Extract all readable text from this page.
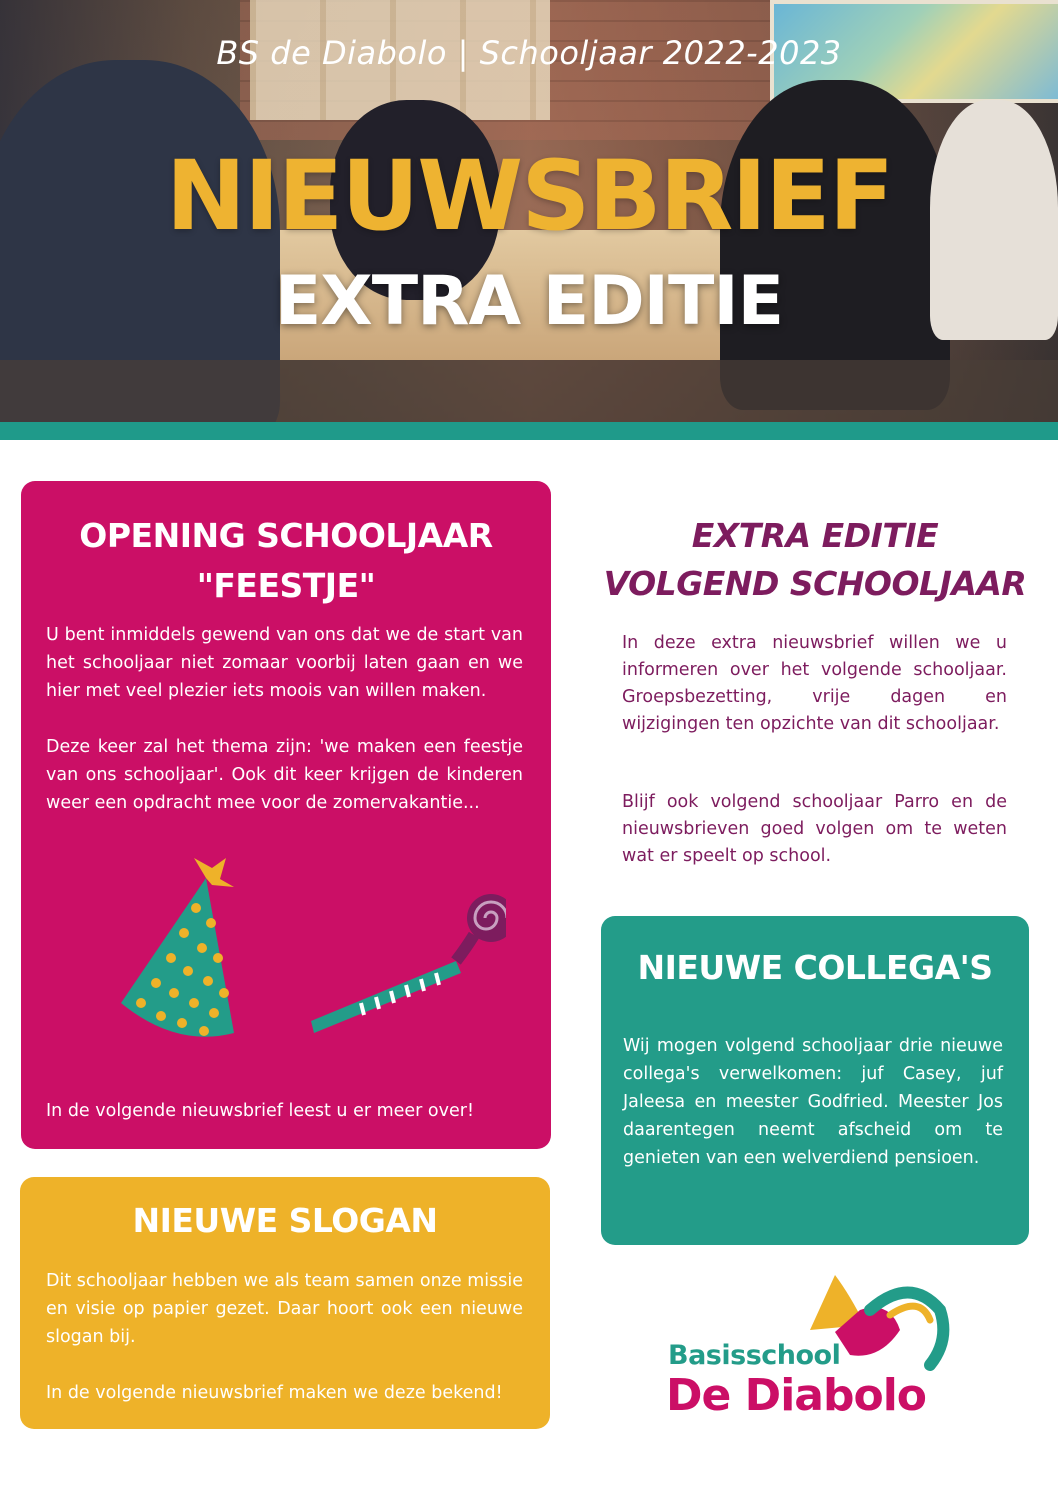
BS de Diabolo | Schooljaar 2022-2023
NIEUWSBRIEF
EXTRA EDITIE
OPENING SCHOOLJAAR "FEESTJE"

U bent inmiddels gewend van ons dat we de start van het schooljaar niet zomaar voorbij laten gaan en we hier met veel plezier iets moois van willen maken.

Deze keer zal het thema zijn: 'we maken een feestje van ons schooljaar'. Ook dit keer krijgen de kinderen weer een opdracht mee voor de zomervakantie...

In de volgende nieuwsbrief leest u er meer over!

NIEUWE SLOGAN

Dit schooljaar hebben we als team samen onze missie en visie op papier gezet. Daar hoort ook een nieuwe slogan bij.

In de volgende nieuwsbrief maken we deze bekend!

EXTRA EDITIE
VOLGEND SCHOOLJAAR

In deze extra nieuwsbrief willen we u informeren over het volgende schooljaar. Groepsbezetting, vrije dagen en wijzigingen ten opzichte van dit schooljaar.

Blijf ook volgend schooljaar Parro en de nieuwsbrieven goed volgen om te weten wat er speelt op school.

NIEUWE COLLEGA'S

Wij mogen volgend schooljaar drie nieuwe collega's verwelkomen: juf Casey, juf Jaleesa en meester Godfried. Meester Jos daarentegen neemt afscheid om te genieten van een welverdiend pensioen.

Basisschool
De Diabolo
